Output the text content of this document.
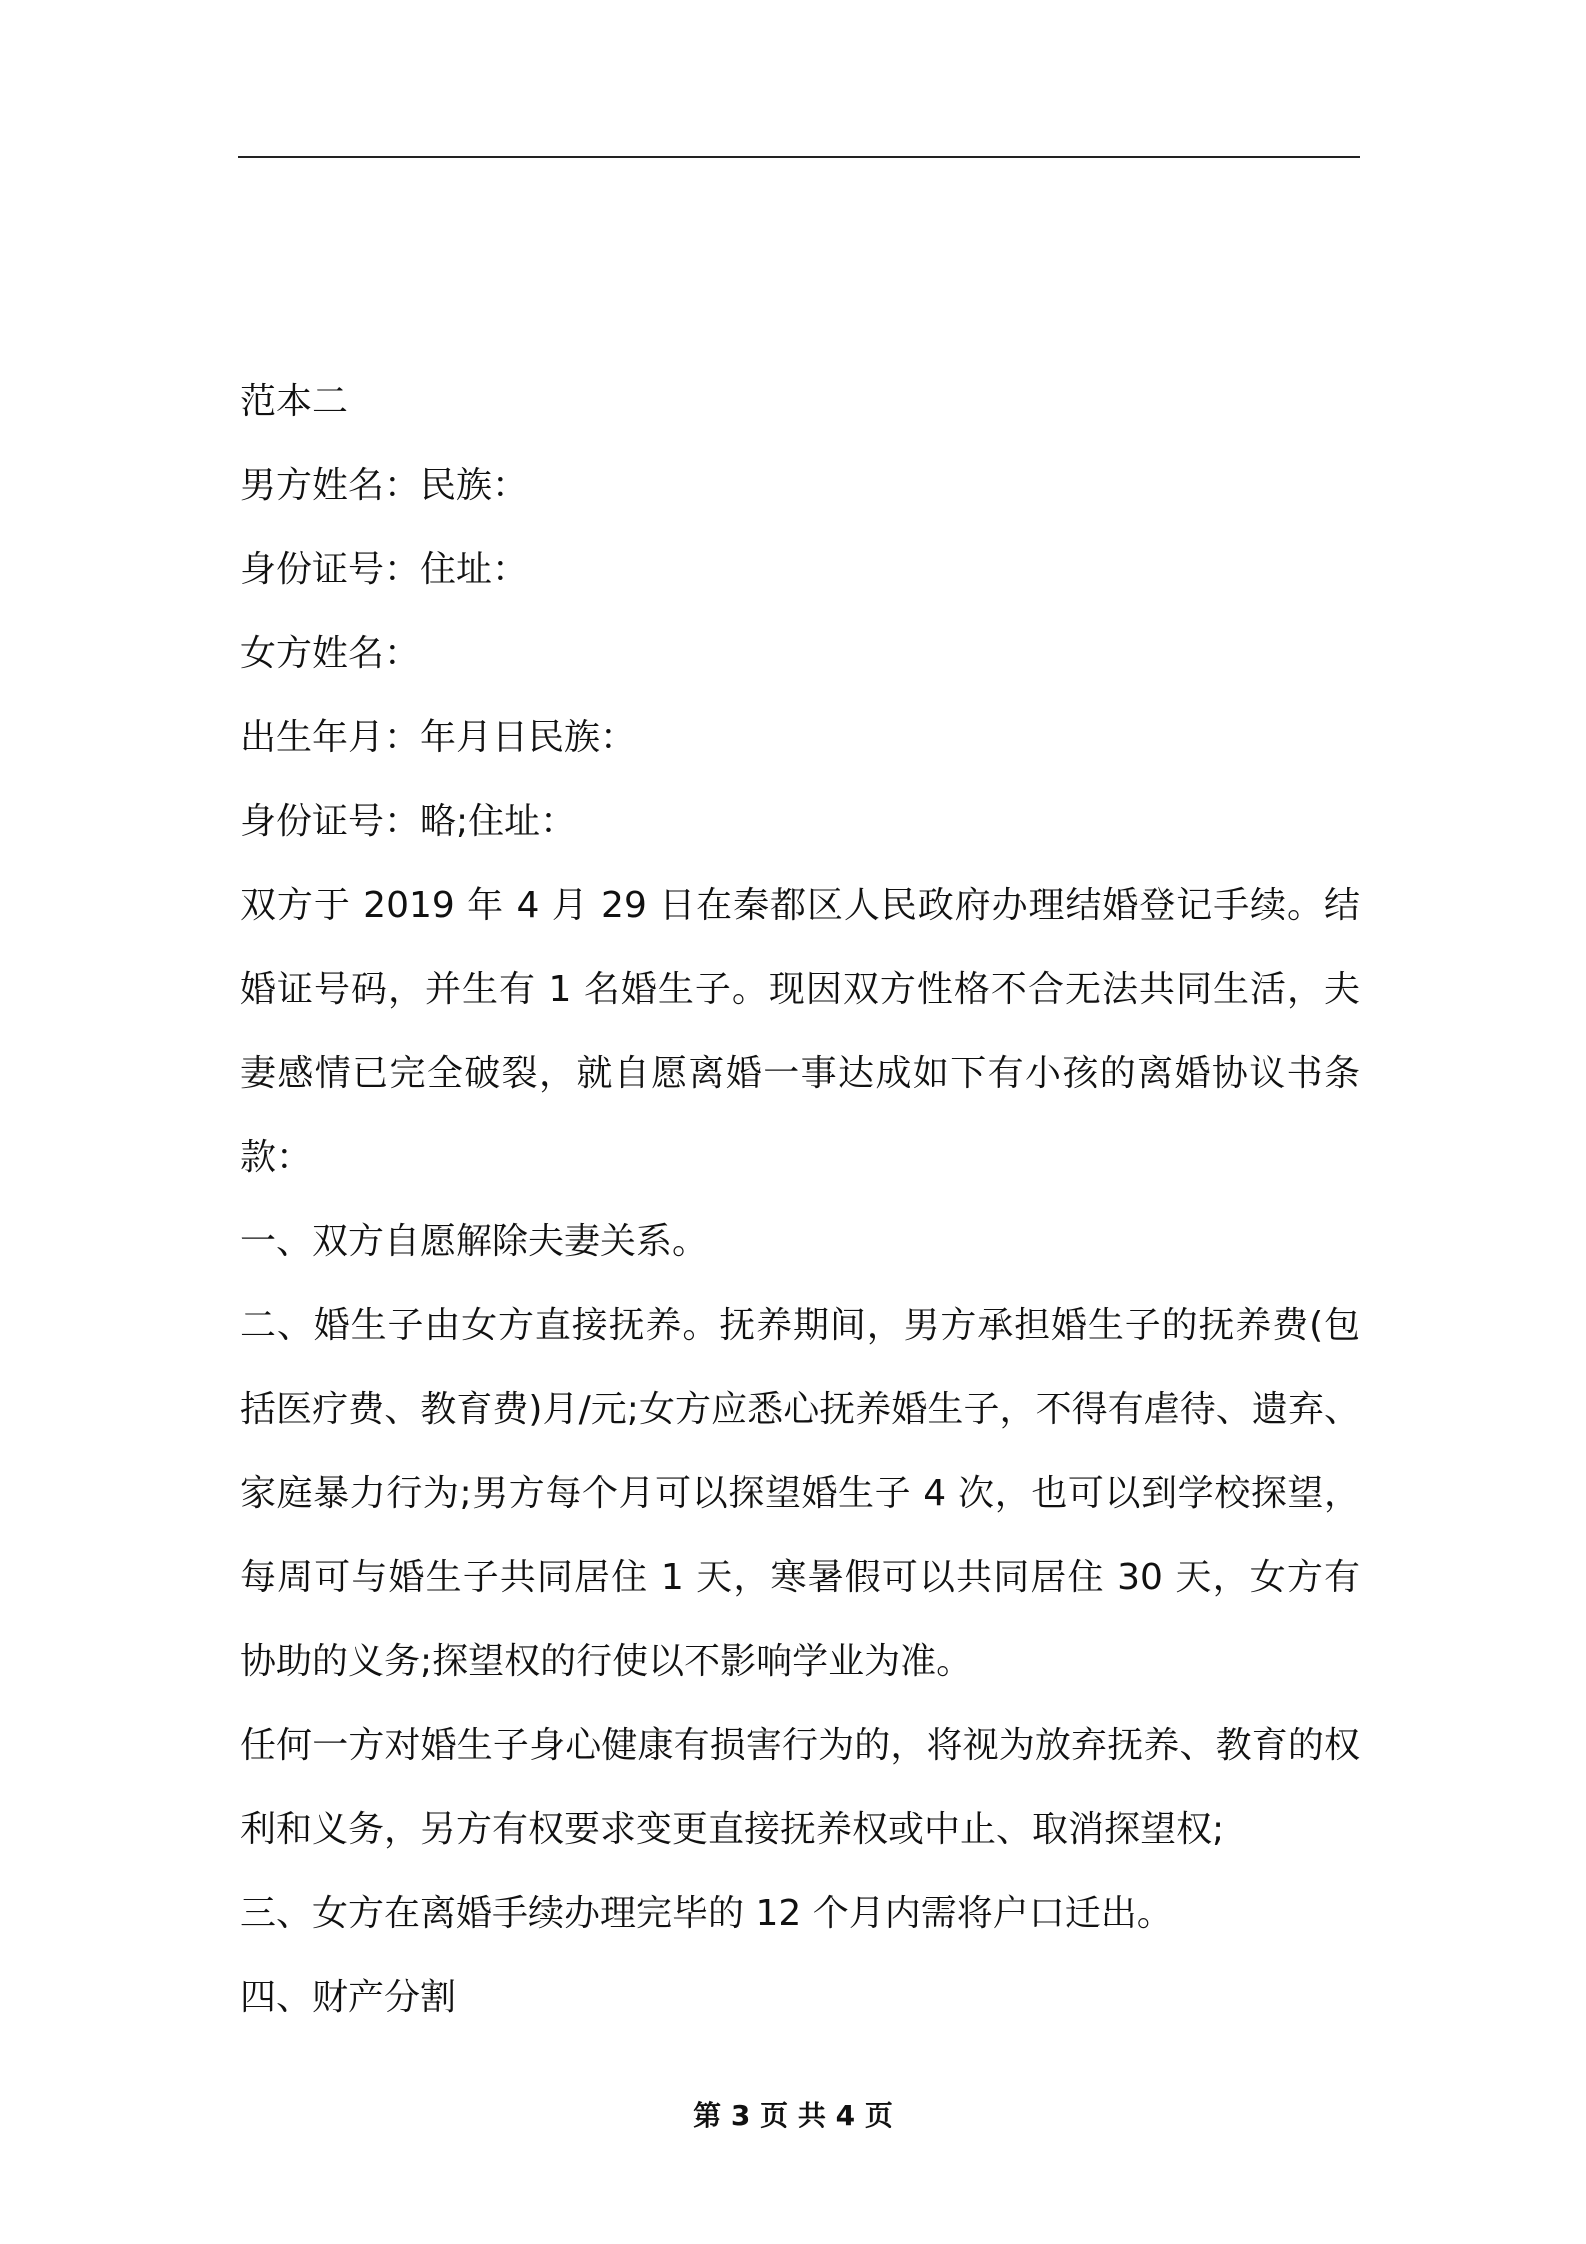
范本二
男方姓名：民族：
身份证号：住址：
女方姓名：
出生年月：年月日民族：
身份证号：略;住址：

双方于 2019 年 4 月 29 日在秦都区人民政府办理结婚登记手续。结婚证号码，并生有 1 名婚生子。现因双方性格不合无法共同生活，夫妻感情已完全破裂，就自愿离婚一事达成如下有小孩的离婚协议书条款：

一、双方自愿解除夫妻关系。

二、婚生子由女方直接抚养。抚养期间，男方承担婚生子的抚养费(包括医疗费、教育费)月/元;女方应悉心抚养婚生子，不得有虐待、遗弃、家庭暴力行为;男方每个月可以探望婚生子 4 次，也可以到学校探望，每周可与婚生子共同居住 1 天，寒暑假可以共同居住 30 天，女方有协助的义务;探望权的行使以不影响学业为准。

任何一方对婚生子身心健康有损害行为的，将视为放弃抚养、教育的权利和义务，另方有权要求变更直接抚养权或中止、取消探望权;

三、女方在离婚手续办理完毕的 12 个月内需将户口迁出。

四、财产分割

第 3 页 共 4 页
